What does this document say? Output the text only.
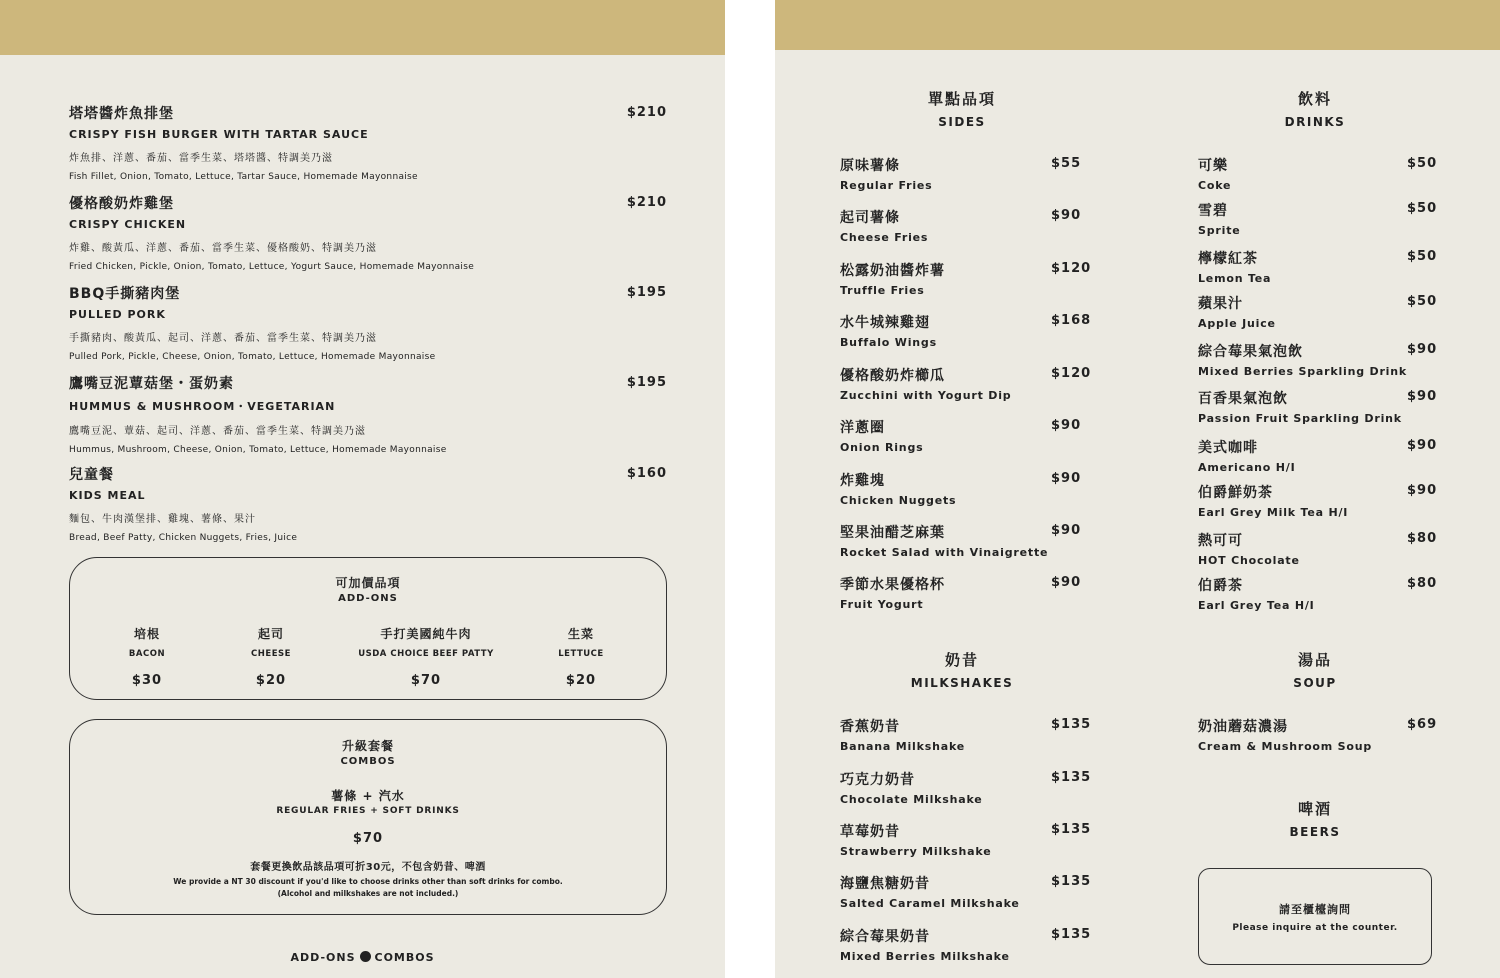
塔塔醬炸魚排堡	$210
CRISPY FISH BURGER WITH TARTAR SAUCE
炸魚排、洋蔥、番茄、當季生菜、塔塔醬、特調美乃滋
Fish Fillet, Onion, Tomato, Lettuce, Tartar Sauce, Homemade Mayonnaise
優格酸奶炸雞堡	$210
CRISPY CHICKEN
炸雞、酸黃瓜、洋蔥、番茄、當季生菜、優格酸奶、特調美乃滋
Fried Chicken, Pickle, Onion, Tomato, Lettuce, Yogurt Sauce, Homemade Mayonnaise
BBQ手撕豬肉堡	$195
PULLED PORK
手撕豬肉、酸黃瓜、起司、洋蔥、番茄、當季生菜、特調美乃滋
Pulled Pork, Pickle, Cheese, Onion, Tomato, Lettuce, Homemade Mayonnaise
鷹嘴豆泥蕈菇堡・蛋奶素	$195
HUMMUS & MUSHROOM・VEGETARIAN
鷹嘴豆泥、蕈菇、起司、洋蔥、番茄、當季生菜、特調美乃滋
Hummus, Mushroom, Cheese, Onion, Tomato, Lettuce, Homemade Mayonnaise
兒童餐	$160
KIDS MEAL
麵包、牛肉漢堡排、雞塊、薯條、果汁
Bread, Beef Patty, Chicken Nuggets, Fries, Juice
可加價品項
ADD-ONS
培根
BACON
$30
起司
CHEESE
$20
手打美國純牛肉
USDA CHOICE BEEF PATTY
$70
生菜
LETTUCE
$20
升級套餐
COMBOS
薯條 + 汽水
REGULAR FRIES + SOFT DRINKS
$70
套餐更換飲品該品項可折30元，不包含奶昔、啤酒
We provide a NT 30 discount if you'd like to choose drinks other than soft drinks for combo.
(Alcohol and milkshakes are not included.)
ADD-ONS COMBOS
單點品項
SIDES
飲料
DRINKS
奶昔
MILKSHAKES
湯品
SOUP
啤酒
BEERS
原味薯條
Regular Fries
$55
起司薯條
Cheese Fries
$90
松露奶油醬炸薯
Truffle Fries
$120
水牛城辣雞翅
Buffalo Wings
$168
優格酸奶炸櫛瓜
Zucchini with Yogurt Dip
$120
洋蔥圈
Onion Rings
$90
炸雞塊
Chicken Nuggets
$90
堅果油醋芝麻葉
Rocket Salad with Vinaigrette
$90
季節水果優格杯
Fruit Yogurt
$90
可樂
Coke
$50
雪碧
Sprite
$50
檸檬紅茶
Lemon Tea
$50
蘋果汁
Apple Juice
$50
綜合莓果氣泡飲
Mixed Berries Sparkling Drink
$90
百香果氣泡飲
Passion Fruit Sparkling Drink
$90
美式咖啡
Americano H/I
$90
伯爵鮮奶茶
Earl Grey Milk Tea H/I
$90
熱可可
HOT Chocolate
$80
伯爵茶
Earl Grey Tea H/I
$80
香蕉奶昔
Banana Milkshake
$135
巧克力奶昔
Chocolate Milkshake
$135
草莓奶昔
Strawberry Milkshake
$135
海鹽焦糖奶昔
Salted Caramel Milkshake
$135
綜合莓果奶昔
Mixed Berries Milkshake
$135
奶油蘑菇濃湯
Cream & Mushroom Soup
$69
請至櫃檯詢問
Please inquire at the counter.
